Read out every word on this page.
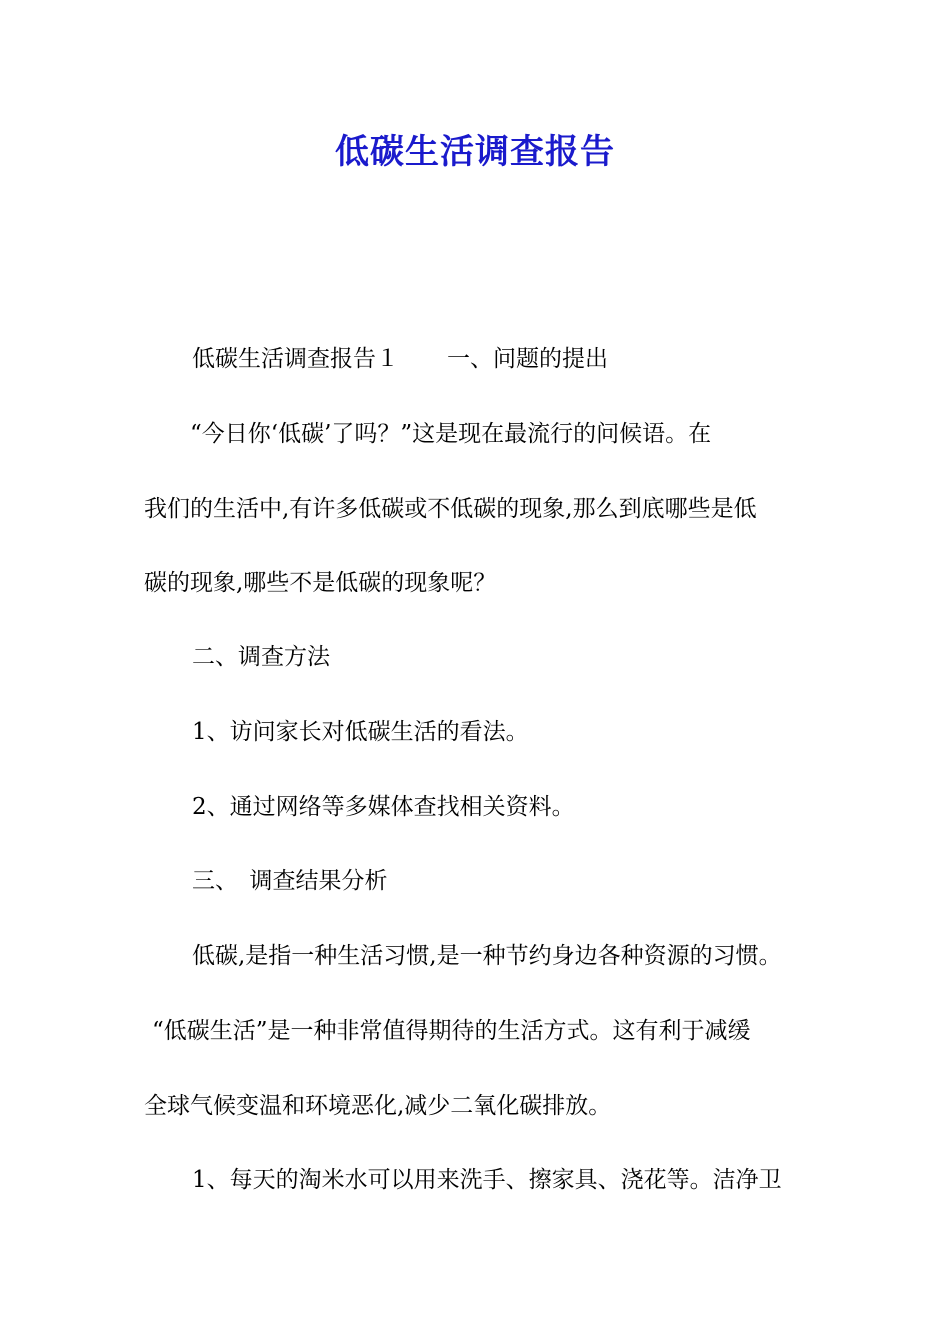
低碳生活调查报告
低碳生活调查报告１ 一、问题的提出
“今日你‘低碳’了吗？”这是现在最流行的问候语。在
我们的生活中,有许多低碳或不低碳的现象,那么到底哪些是低
碳的现象,哪些不是低碳的现象呢？
二、调查方法
1、访问家长对低碳生活的看法。
2、通过网络等多媒体查找相关资料。
三、　调查结果分析
低碳,是指一种生活习惯,是一种节约身边各种资源的习惯。
“低碳生活”是一种非常值得期待的生活方式。这有利于减缓
全球气候变温和环境恶化,减少二氧化碳排放。
1、每天的淘米水可以用来洗手、擦家具、浇花等。洁净卫
